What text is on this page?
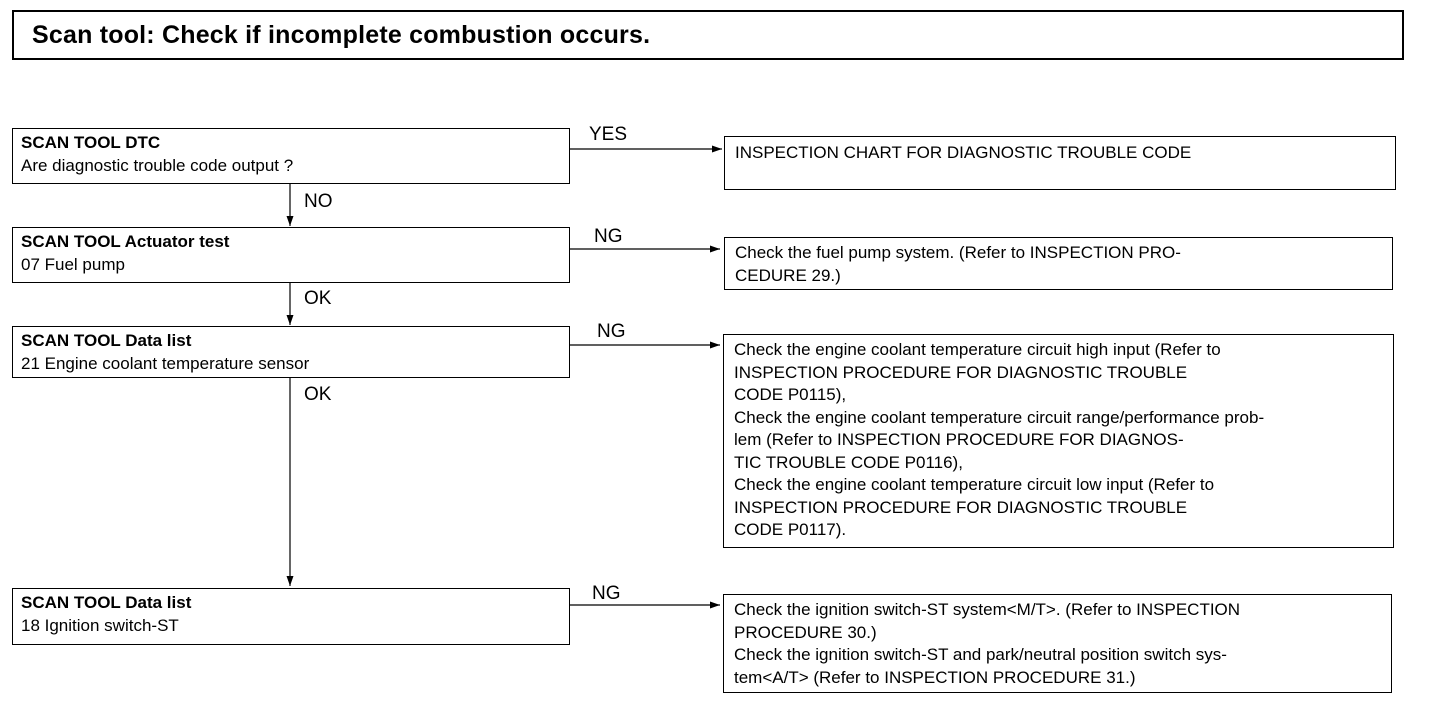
Scan tool: Check if incomplete combustion occurs.
SCAN TOOL DTC
Are diagnostic trouble code output ?
SCAN TOOL Actuator test
07 Fuel pump
SCAN TOOL Data list
21 Engine coolant temperature sensor
SCAN TOOL Data list
18 Ignition switch-ST
YES
NO
NG
OK
NG
OK
NG
INSPECTION CHART FOR DIAGNOSTIC TROUBLE CODE
Check the fuel pump system. (Refer to INSPECTION PRO-
CEDURE 29.)
Check the engine coolant temperature circuit high input (Refer to
INSPECTION PROCEDURE FOR DIAGNOSTIC TROUBLE
CODE P0115),
Check the engine coolant temperature circuit range/performance prob-
lem (Refer to INSPECTION PROCEDURE FOR DIAGNOS-
TIC TROUBLE CODE P0116),
Check the engine coolant temperature circuit low input (Refer to
INSPECTION PROCEDURE FOR DIAGNOSTIC TROUBLE
CODE P0117).
Check the ignition switch-ST system<M/T>. (Refer to INSPECTION
PROCEDURE 30.)
Check the ignition switch-ST and park/neutral position switch sys-
tem<A/T> (Refer to INSPECTION PROCEDURE 31.)
